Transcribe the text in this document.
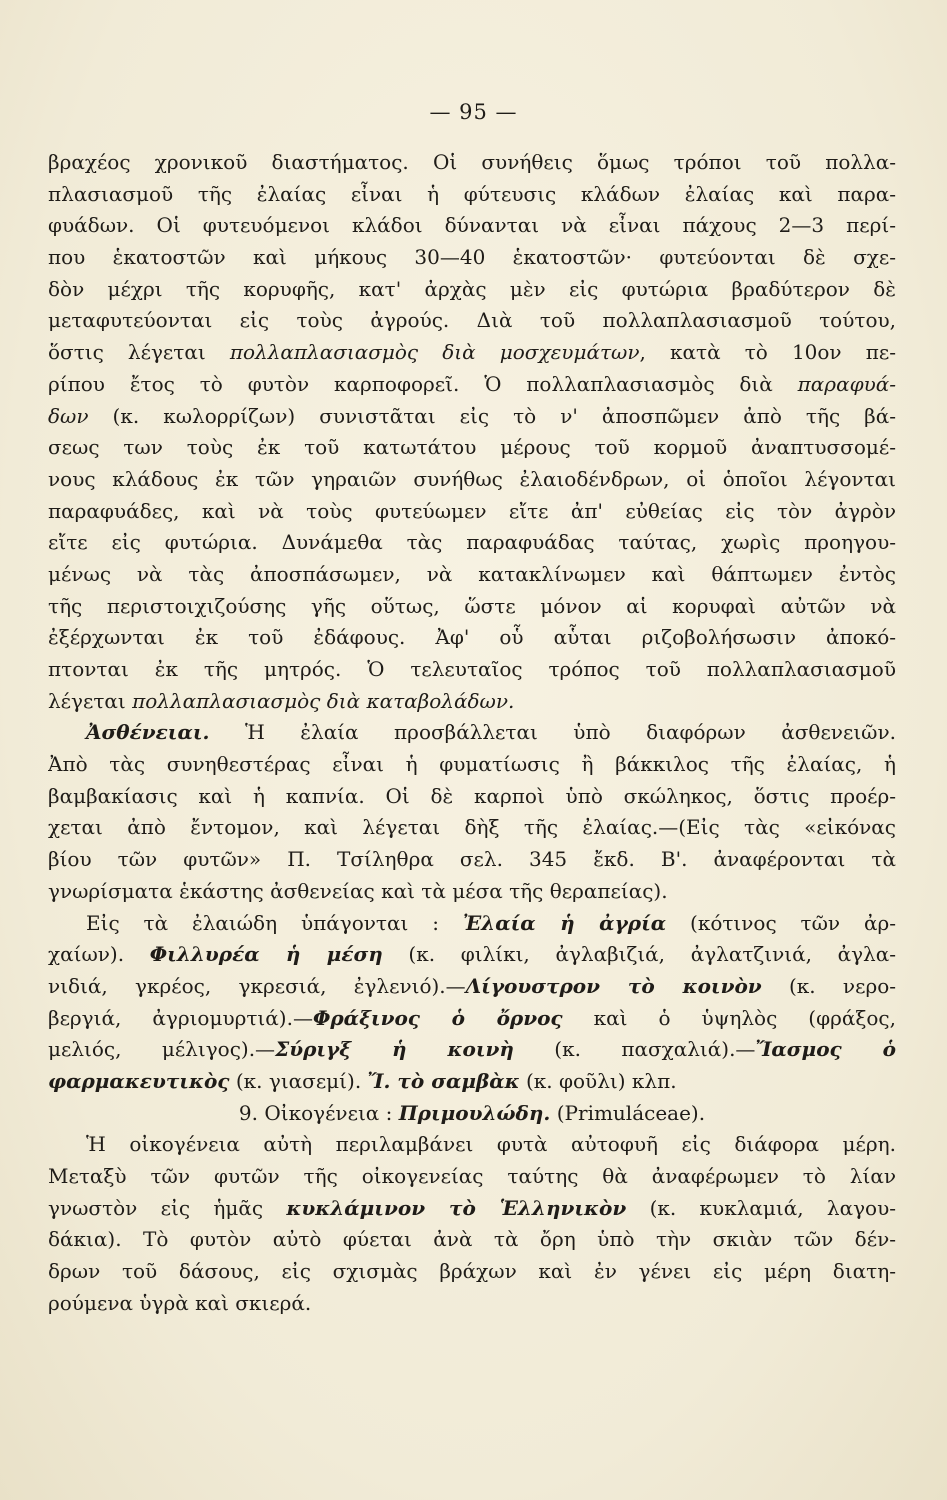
— 95 —
βραχέος χρονικοῦ διαστήματος. Οἱ συνήθεις ὅμως τρόποι τοῦ πολλα-
πλασιασμοῦ τῆς ἐλαίας εἶναι ἡ φύτευσις κλάδων ἐλαίας καὶ παρα-
φυάδων. Οἱ φυτευόμενοι κλάδοι δύνανται νὰ εἶναι πάχους 2—3 περί-
που ἑκατοστῶν καὶ μήκους 30—40 ἑκατοστῶν· φυτεύονται δὲ σχε-
δὸν μέχρι τῆς κορυφῆς, κατ' ἀρχὰς μὲν εἰς φυτώρια βραδύτερον δὲ
μεταφυτεύονται εἰς τοὺς ἀγρούς. Διὰ τοῦ πολλαπλασιασμοῦ τούτου,
ὅστις λέγεται πολλαπλασιασμὸς διὰ μοσχευμάτων, κατὰ τὸ 10ον πε-
ρίπου ἔτος τὸ φυτὸν καρποφορεῖ. Ὁ πολλαπλασιασμὸς διὰ παραφυά-
δων (κ. κωλορρίζων) συνιστᾶται εἰς τὸ ν' ἀποσπῶμεν ἀπὸ τῆς βά-
σεως των τοὺς ἐκ τοῦ κατωτάτου μέρους τοῦ κορμοῦ ἀναπτυσσομέ-
νους κλάδους ἐκ τῶν γηραιῶν συνήθως ἐλαιοδένδρων, οἱ ὁποῖοι λέγονται
παραφυάδες, καὶ νὰ τοὺς φυτεύωμεν εἴτε ἀπ' εὐθείας εἰς τὸν ἀγρὸν
εἴτε εἰς φυτώρια. Δυνάμεθα τὰς παραφυάδας ταύτας, χωρὶς προηγου-
μένως νὰ τὰς ἀποσπάσωμεν, νὰ κατακλίνωμεν καὶ θάπτωμεν ἐντὸς
τῆς περιστοιχιζούσης γῆς οὕτως, ὥστε μόνον αἱ κορυφαὶ αὐτῶν νὰ
ἐξέρχωνται ἐκ τοῦ ἐδάφους. Ἀφ' οὗ αὗται ριζοβολήσωσιν ἀποκό-
πτονται ἐκ τῆς μητρός. Ὁ τελευταῖος τρόπος τοῦ πολλαπλασιασμοῦ
λέγεται πολλαπλασιασμὸς διὰ καταβολάδων.
Ἀσθένειαι. Ἡ ἐλαία προσβάλλεται ὑπὸ διαφόρων ἀσθενειῶν.
Ἀπὸ τὰς συνηθεστέρας εἶναι ἡ φυματίωσις ἢ βάκκιλος τῆς ἐλαίας, ἡ
βαμβακίασις καὶ ἡ καπνία. Οἱ δὲ καρποὶ ὑπὸ σκώληκος, ὅστις προέρ-
χεται ἀπὸ ἔντομον, καὶ λέγεται δὴξ τῆς ἐλαίας.—(Εἰς τὰς «εἰκόνας
βίου τῶν φυτῶν» Π. Τσίληθρα σελ. 345 ἔκδ. Β'. ἀναφέρονται τὰ
γνωρίσματα ἑκάστης ἀσθενείας καὶ τὰ μέσα τῆς θεραπείας).
Εἰς τὰ ἐλαιώδη ὑπάγονται : Ἐλαία ἡ ἀγρία (κότινος τῶν ἀρ-
χαίων). Φιλλυρέα ἡ μέση (κ. φιλίκι, ἀγλαβιζιά, ἀγλατζινιά, ἀγλα-
νιδιά, γκρέος, γκρεσιά, ἐγλενιό).—Λίγουστρον τὸ κοινὸν (κ. νερο-
βεργιά, ἀγριομυρτιά).—Φράξινος ὁ ὄρνος καὶ ὁ ὑψηλὸς (φράξος,
μελιός, μέλιγος).—Σύριγξ ἡ κοινὴ (κ. πασχαλιά).—Ἴασμος ὁ
φαρμακευτικὸς (κ. γιασεμί). Ἴ. τὸ σαμβὰκ (κ. φοῦλι) κλπ.
9. Οἰκογένεια : Πριμουλώδη. (Primuláceae).
Ἡ οἰκογένεια αὐτὴ περιλαμβάνει φυτὰ αὐτοφυῆ εἰς διάφορα μέρη.
Μεταξὺ τῶν φυτῶν τῆς οἰκογενείας ταύτης θὰ ἀναφέρωμεν τὸ λίαν
γνωστὸν εἰς ἡμᾶς κυκλάμινον τὸ Ἑλληνικὸν (κ. κυκλαμιά, λαγου-
δάκια). Τὸ φυτὸν αὐτὸ φύεται ἀνὰ τὰ ὄρη ὑπὸ τὴν σκιὰν τῶν δέν-
δρων τοῦ δάσους, εἰς σχισμὰς βράχων καὶ ἐν γένει εἰς μέρη διατη-
ρούμενα ὑγρὰ καὶ σκιερά.
